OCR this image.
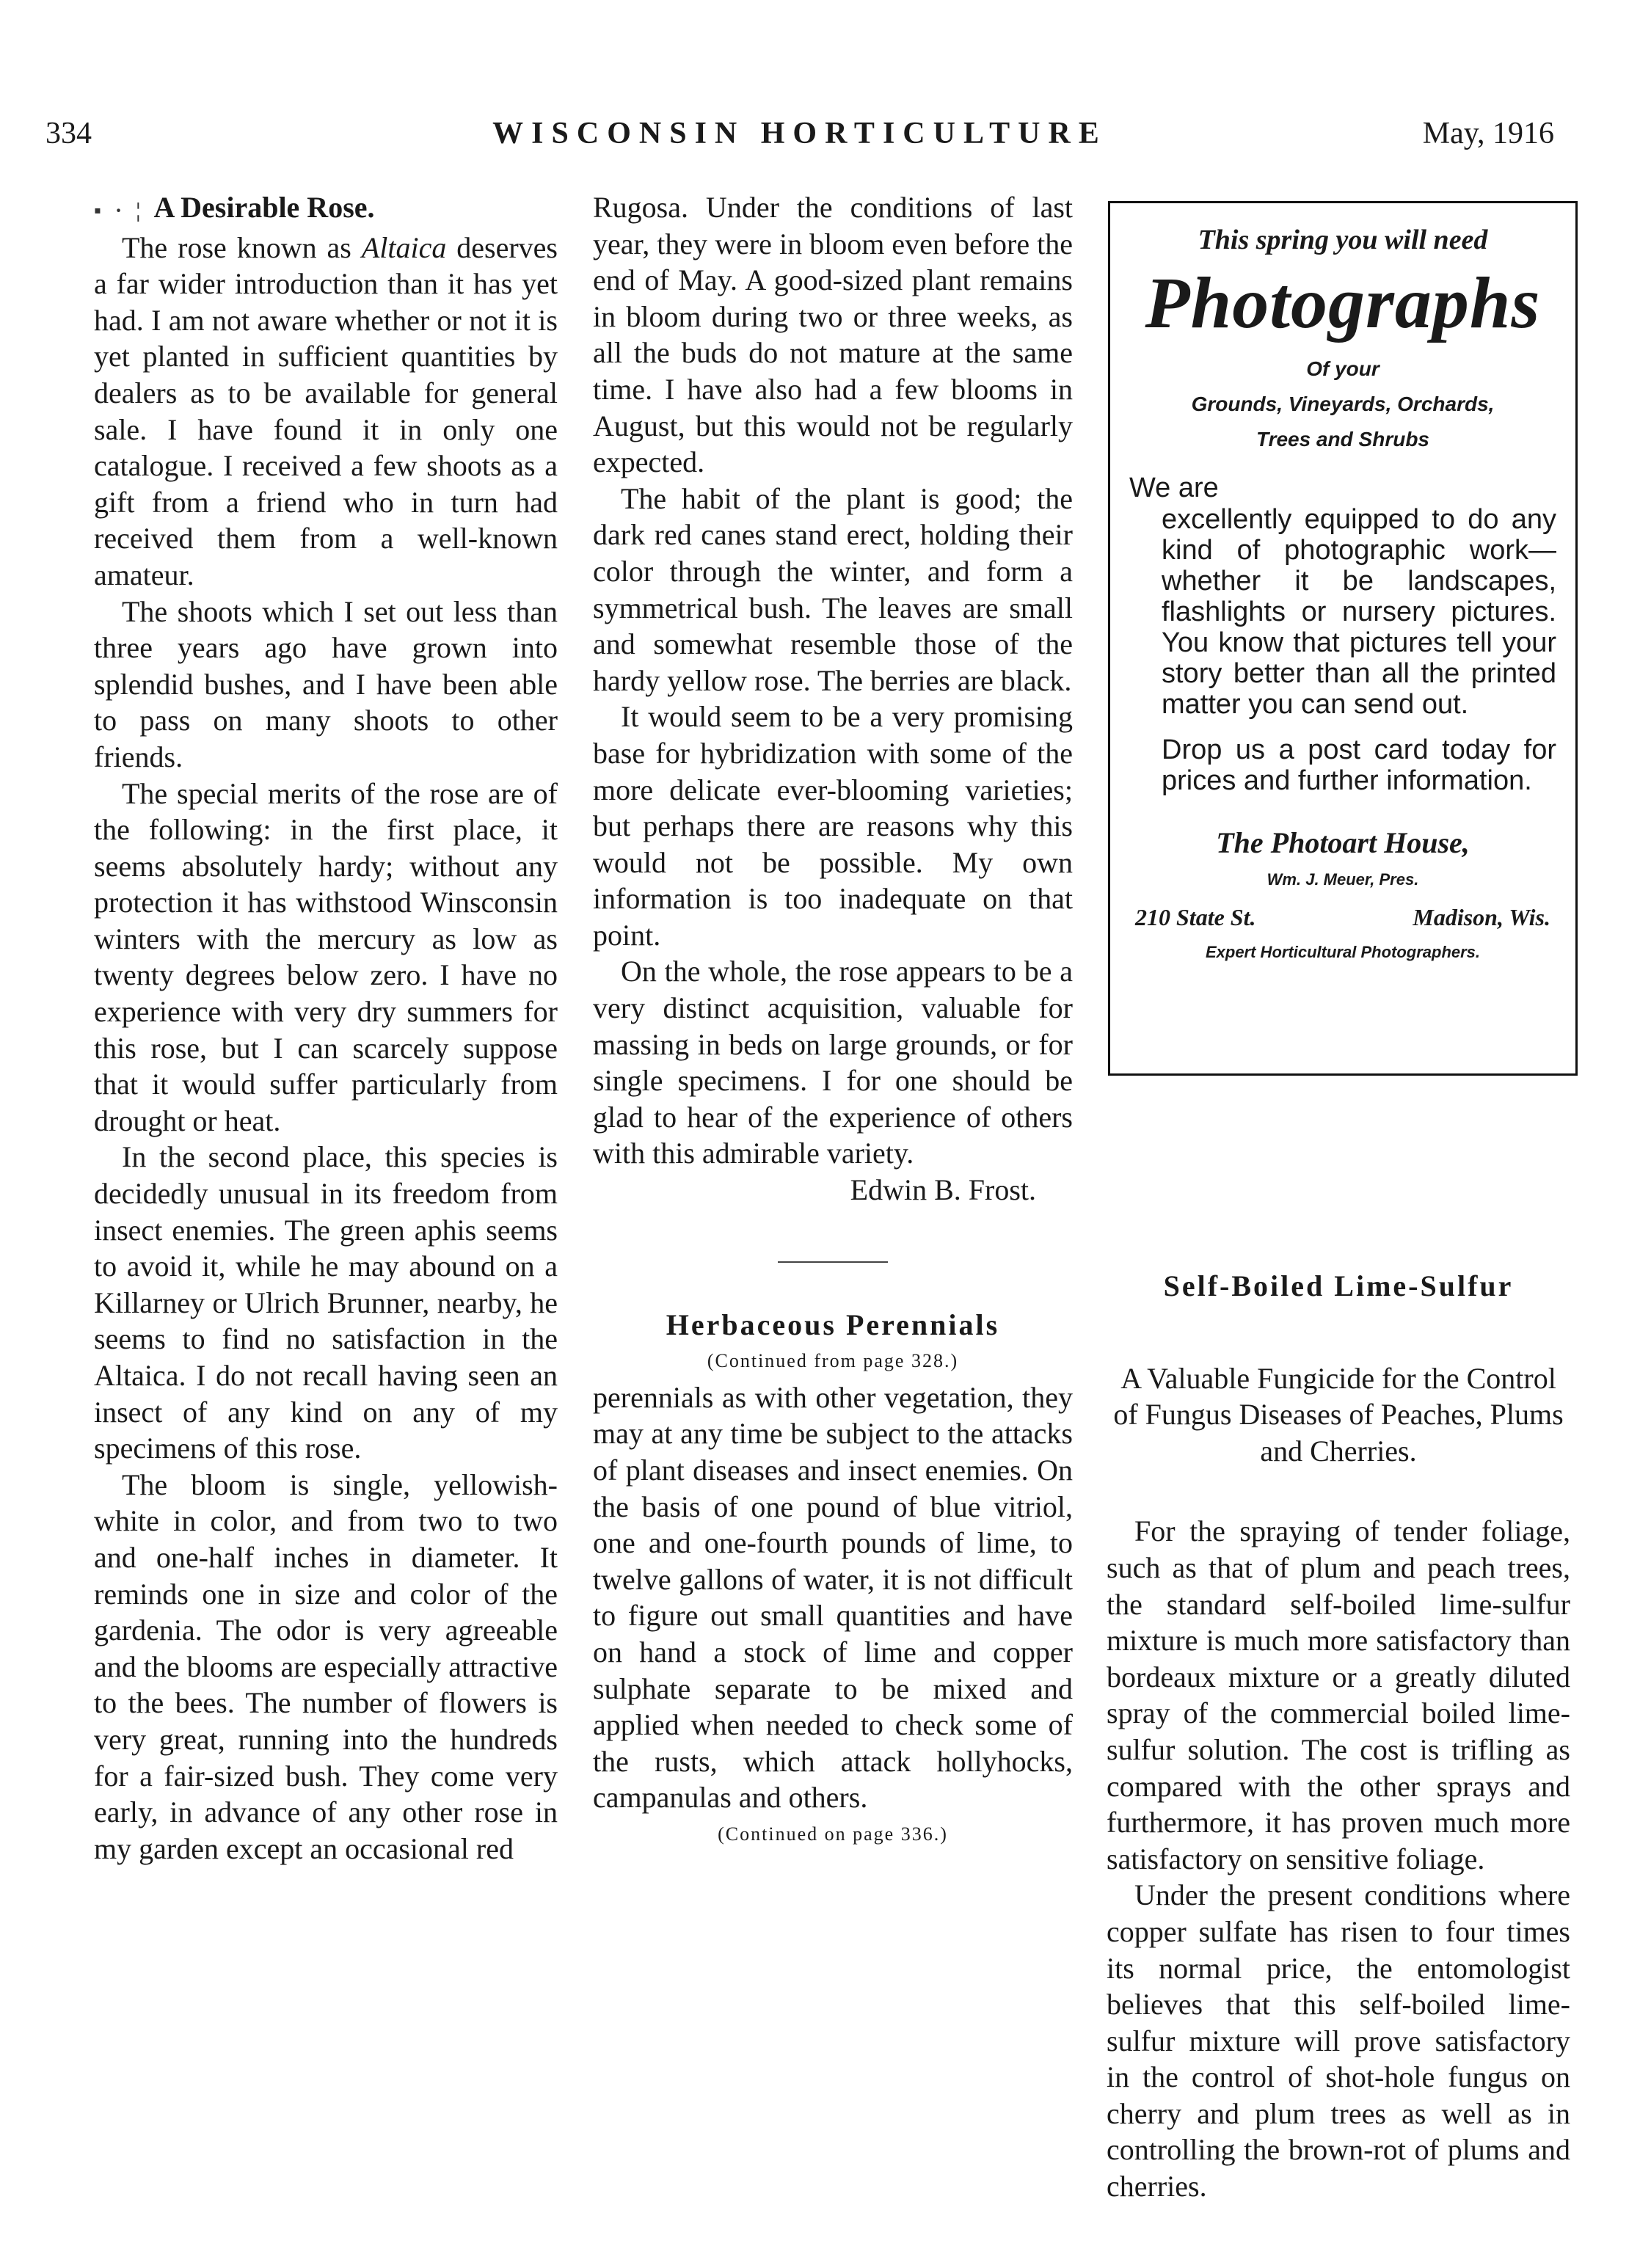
334	WISCONSIN HORTICULTURE	May, 1916

▪ · ¦ A Desirable Rose.

The rose known as Altaica deserves a far wider introduction than it has yet had. I am not aware whether or not it is yet planted in sufficient quantities by dealers as to be available for general sale. I have found it in only one catalogue. I received a few shoots as a gift from a friend who in turn had received them from a well-known amateur.

The shoots which I set out less than three years ago have grown into splendid bushes, and I have been able to pass on many shoots to other friends.

The special merits of the rose are of the following: in the first place, it seems absolutely hardy; without any protection it has withstood Winsconsin winters with the mercury as low as twenty degrees below zero. I have no experience with very dry summers for this rose, but I can scarcely suppose that it would suffer particularly from drought or heat.

In the second place, this species is decidedly unusual in its freedom from insect enemies. The green aphis seems to avoid it, while he may abound on a Killarney or Ulrich Brunner, nearby, he seems to find no satisfaction in the Altaica. I do not recall having seen an insect of any kind on any of my specimens of this rose.

The bloom is single, yellowish-white in color, and from two to two and one-half inches in diameter. It reminds one in size and color of the gardenia. The odor is very agreeable and the blooms are especially attractive to the bees. The number of flowers is very great, running into the hundreds for a fair-sized bush. They come very early, in advance of any other rose in my garden except an occasional red

Rugosa. Under the conditions of last year, they were in bloom even before the end of May. A good-sized plant remains in bloom during two or three weeks, as all the buds do not mature at the same time. I have also had a few blooms in August, but this would not be regularly expected.

The habit of the plant is good; the dark red canes stand erect, holding their color through the winter, and form a symmetrical bush. The leaves are small and somewhat resemble those of the hardy yellow rose. The berries are black.

It would seem to be a very promising base for hybridization with some of the more delicate ever-blooming varieties; but perhaps there are reasons why this would not be possible. My own information is too inadequate on that point.

On the whole, the rose appears to be a very distinct acquisition, valuable for massing in beds on large grounds, or for single specimens. I for one should be glad to hear of the experience of others with this admirable variety.

Edwin B. Frost.

Herbaceous Perennials

(Continued from page 328.)

perennials as with other vegetation, they may at any time be subject to the attacks of plant diseases and insect enemies. On the basis of one pound of blue vitriol, one and one-fourth pounds of lime, to twelve gallons of water, it is not difficult to figure out small quantities and have on hand a stock of lime and copper sulphate separate to be mixed and applied when needed to check some of the rusts, which attack hollyhocks, campanulas and others.

(Continued on page 336.)

This spring you will need
Photographs
Of your
Grounds, Vineyards, Orchards,
Trees and Shrubs
We are
excellently equipped to do any kind of photographic work—whether it be landscapes, flashlights or nursery pictures. You know that pictures tell your story better than all the printed matter you can send out.
Drop us a post card today for prices and further information.
The Photoart House,
Wm. J. Meuer, Pres.
210 State St.	Madison, Wis.
Expert Horticultural Photographers.

Self-Boiled Lime-Sulfur

A Valuable Fungicide for the Control of Fungus Diseases of Peaches, Plums and Cherries.

For the spraying of tender foliage, such as that of plum and peach trees, the standard self-boiled lime-sulfur mixture is much more satisfactory than bordeaux mixture or a greatly diluted spray of the commercial boiled lime-sulfur solution. The cost is trifling as compared with the other sprays and furthermore, it has proven much more satisfactory on sensitive foliage.

Under the present conditions where copper sulfate has risen to four times its normal price, the entomologist believes that this self-boiled lime-sulfur mixture will prove satisfactory in the control of shot-hole fungus on cherry and plum trees as well as in controlling the brown-rot of plums and cherries.
